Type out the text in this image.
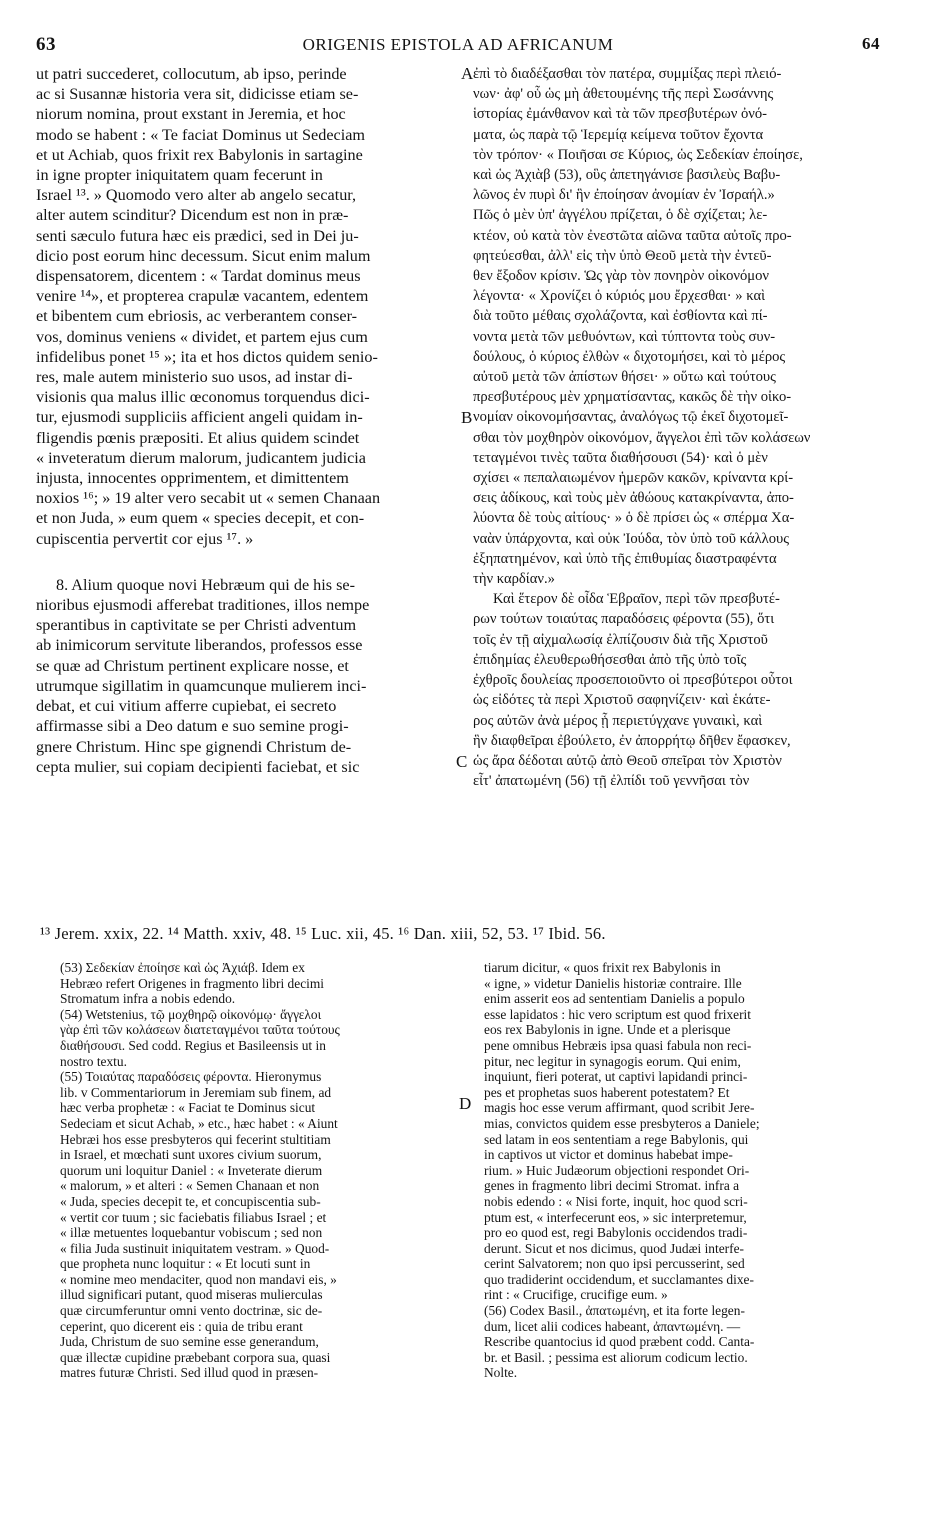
63	ORIGENIS EPISTOLA AD AFRICANUM	64
A
B
C
D
ut patri succederet, collocutum, ab ipso, perinde
ac si Susannæ historia vera sit, didicisse etiam se-
niorum nomina, prout exstant in Jeremia, et hoc
modo se habent : « Te faciat Dominus ut Sedeciam
et ut Achiab, quos frixit rex Babylonis in sartagine
in igne propter iniquitatem quam fecerunt in
Israel ¹³. » Quomodo vero alter ab angelo secatur,
alter autem scinditur? Dicendum est non in præ-
senti sæculo futura hæc eis prædici, sed in Dei ju-
dicio post eorum hinc decessum. Sicut enim malum
dispensatorem, dicentem : « Tardat dominus meus
venire ¹⁴», et propterea crapulæ vacantem, edentem
et bibentem cum ebriosis, ac verberantem conser-
vos, dominus veniens « dividet, et partem ejus cum
infidelibus ponet ¹⁵ »; ita et hos dictos quidem senio-
res, male autem ministerio suo usos, ad instar di-
visionis qua malus illic œconomus torquendus dici-
tur, ejusmodi suppliciis afficient angeli quidam in-
fligendis pœnis præpositi. Et alius quidem scindet
« inveteratum dierum malorum, judicantem judicia
injusta, innocentes opprimentem, et dimittentem
noxios ¹⁶; » 19 alter vero secabit ut « semen Chanaan
et non Juda, » eum quem « species decepit, et con-
cupiscentia pervertit cor ejus ¹⁷. »
8. Alium quoque novi Hebræum qui de his se-
nioribus ejusmodi afferebat traditiones, illos nempe
sperantibus in captivitate se per Christi adventum
ab inimicorum servitute liberandos, professos esse
se quæ ad Christum pertinent explicare nosse, et
utrumque sigillatim in quamcunque mulierem inci-
debat, et cui vitium afferre cupiebat, ei secreto
affirmasse sibi a Deo datum e suo semine progi-
gnere Christum. Hinc spe gignendi Christum de-
cepta mulier, sui copiam decipienti faciebat, et sic
ἐπὶ τὸ διαδέξασθαι τὸν πατέρα, συμμίξας περὶ πλειό-
νων· ἀφ' οὗ ὡς μὴ ἀθετουμένης τῆς περὶ Σωσάννης
ἱστορίας ἐμάνθανον καὶ τὰ τῶν πρεσβυτέρων ὀνό-
ματα, ὡς παρὰ τῷ Ἱερεμίᾳ κείμενα τοῦτον ἔχοντα
τὸν τρόπον· « Ποιῆσαι σε Κύριος, ὡς Σεδεκίαν ἐποίησε,
καὶ ὡς Ἀχιὰβ (53), οὓς ἀπετηγάνισε βασιλεὺς Βαβυ-
λῶνος ἐν πυρὶ δι' ἣν ἐποίησαν ἀνομίαν ἐν Ἰσραήλ.»
Πῶς ὁ μὲν ὑπ' ἀγγέλου πρίζεται, ὁ δὲ σχίζεται; λε-
κτέον, οὐ κατὰ τὸν ἐνεστῶτα αἰῶνα ταῦτα αὐτοῖς προ-
φητεύεσθαι, ἀλλ' εἰς τὴν ὑπὸ Θεοῦ μετὰ τὴν ἐντεῦ-
θεν ἔξοδον κρίσιν. Ὡς γὰρ τὸν πονηρὸν οἰκονόμον
λέγοντα· « Χρονίζει ὁ κύριός μου ἔρχεσθαι· » καὶ
διὰ τοῦτο μέθαις σχολάζοντα, καὶ ἐσθίοντα καὶ πί-
νοντα μετὰ τῶν μεθυόντων, καὶ τύπτοντα τοὺς συν-
δούλους, ὁ κύριος ἐλθὼν « διχοτομήσει, καὶ τὸ μέρος
αὐτοῦ μετὰ τῶν ἀπίστων θήσει· » οὕτω καὶ τούτους
πρεσβυτέρους μὲν χρηματίσαντας, κακῶς δὲ τὴν οἰκο-
νομίαν οἰκονομήσαντας, ἀναλόγως τῷ ἐκεῖ διχοτομεῖ-
σθαι τὸν μοχθηρὸν οἰκονόμον, ἄγγελοι ἐπὶ τῶν κολάσεων
τεταγμένοι τινὲς ταῦτα διαθήσουσι (54)· καὶ ὁ μὲν
σχίσει « πεπαλαιωμένον ἡμερῶν κακῶν, κρίναντα κρί-
σεις ἀδίκους, καὶ τοὺς μὲν ἀθώους κατακρίναντα, ἀπο-
λύοντα δὲ τοὺς αἰτίους· » ὁ δὲ πρίσει ὡς « σπέρμα Χα-
ναὰν ὑπάρχοντα, καὶ οὐκ Ἰούδα, τὸν ὑπὸ τοῦ κάλλους
ἐξηπατημένον, καὶ ὑπὸ τῆς ἐπιθυμίας διαστραφέντα
τὴν καρδίαν.»
Καὶ ἕτερον δὲ οἶδα Ἑβραῖον, περὶ τῶν πρεσβυτέ-
ρων τούτων τοιαύτας παραδόσεις φέροντα (55), ὅτι
τοῖς ἐν τῇ αἰχμαλωσίᾳ ἐλπίζουσιν διὰ τῆς Χριστοῦ
ἐπιδημίας ἐλευθερωθήσεσθαι ἀπὸ τῆς ὑπὸ τοῖς
ἐχθροῖς δουλείας προσεποιοῦντο οἱ πρεσβύτεροι οὗτοι
ὡς εἰδότες τὰ περὶ Χριστοῦ σαφηνίζειν· καὶ ἑκάτε-
ρος αὐτῶν ἀνὰ μέρος ᾗ περιετύγχανε γυναικὶ, καὶ
ἣν διαφθεῖραι ἐβούλετο, ἐν ἀπορρήτῳ δῆθεν ἔφασκεν,
ὡς ἄρα δέδοται αὐτῷ ἀπὸ Θεοῦ σπεῖραι τὸν Χριστὸν
εἶτ' ἀπατωμένη (56) τῇ ἐλπίδι τοῦ γεννῆσαι τὸν
¹³ Jerem. xxix, 22. ¹⁴ Matth. xxiv, 48. ¹⁵ Luc. xii, 45. ¹⁶ Dan. xiii, 52, 53. ¹⁷ Ibid. 56.
(53) Σεδεκίαν ἐποίησε καὶ ὡς Ἀχιάβ. Idem ex
Hebræo refert Origenes in fragmento libri decimi
Stromatum infra a nobis edendo.
(54) Wetstenius, τῷ μοχθηρῷ οἰκονόμῳ· ἄγγελοι
γὰρ ἐπὶ τῶν κολάσεων διατεταγμένοι ταῦτα τούτους
διαθήσουσι. Sed codd. Regius et Basileensis ut in
nostro textu.
(55) Τοιαύτας παραδόσεις φέροντα. Hieronymus
lib. v Commentariorum in Jeremiam sub finem, ad
hæc verba prophetæ : « Faciat te Dominus sicut
Sedeciam et sicut Achab, » etc., hæc habet : « Aiunt
Hebræi hos esse presbyteros qui fecerint stultitiam
in Israel, et mœchati sunt uxores civium suorum,
quorum uni loquitur Daniel : « Inveterate dierum
« malorum, » et alteri : « Semen Chanaan et non
« Juda, species decepit te, et concupiscentia sub-
« vertit cor tuum ; sic faciebatis filiabus Israel ; et
« illæ metuentes loquebantur vobiscum ; sed non
« filia Juda sustinuit iniquitatem vestram. » Quod-
que propheta nunc loquitur : « Et locuti sunt in
« nomine meo mendaciter, quod non mandavi eis, »
illud significari putant, quod miseras mulierculas
quæ circumferuntur omni vento doctrinæ, sic de-
ceperint, quo dicerent eis : quia de tribu erant
Juda, Christum de suo semine esse generandum,
quæ illectæ cupidine præbebant corpora sua, quasi
matres futuræ Christi. Sed illud quod in præsen-
tiarum dicitur, « quos frixit rex Babylonis in
« igne, » videtur Danielis historiæ contraire. Ille
enim asserit eos ad sententiam Danielis a populo
esse lapidatos : hic vero scriptum est quod frixerit
eos rex Babylonis in igne. Unde et a plerisque
pene omnibus Hebræis ipsa quasi fabula non reci-
pitur, nec legitur in synagogis eorum. Qui enim,
inquiunt, fieri poterat, ut captivi lapidandi princi-
pes et prophetas suos haberent potestatem? Et
magis hoc esse verum affirmant, quod scribit Jere-
mias, convictos quidem esse presbyteros a Daniele;
sed latam in eos sententiam a rege Babylonis, qui
in captivos ut victor et dominus habebat impe-
rium. » Huic Judæorum objectioni respondet Ori-
genes in fragmento libri decimi Stromat. infra a
nobis edendo : « Nisi forte, inquit, hoc quod scri-
ptum est, « interfecerunt eos, » sic interpretemur,
pro eo quod est, regi Babylonis occidendos tradi-
derunt. Sicut et nos dicimus, quod Judæi interfe-
cerint Salvatorem; non quo ipsi percusserint, sed
quo tradiderint occidendum, et succlamantes dixe-
rint : « Crucifige, crucifige eum. »
(56) Codex Basil., ἀπατωμένη, et ita forte legen-
dum, licet alii codices habeant, ἀπαντωμένη. —
Rescribe quantocius id quod præbent codd. Canta-
br. et Basil. ; pessima est aliorum codicum lectio.
Nolte.
